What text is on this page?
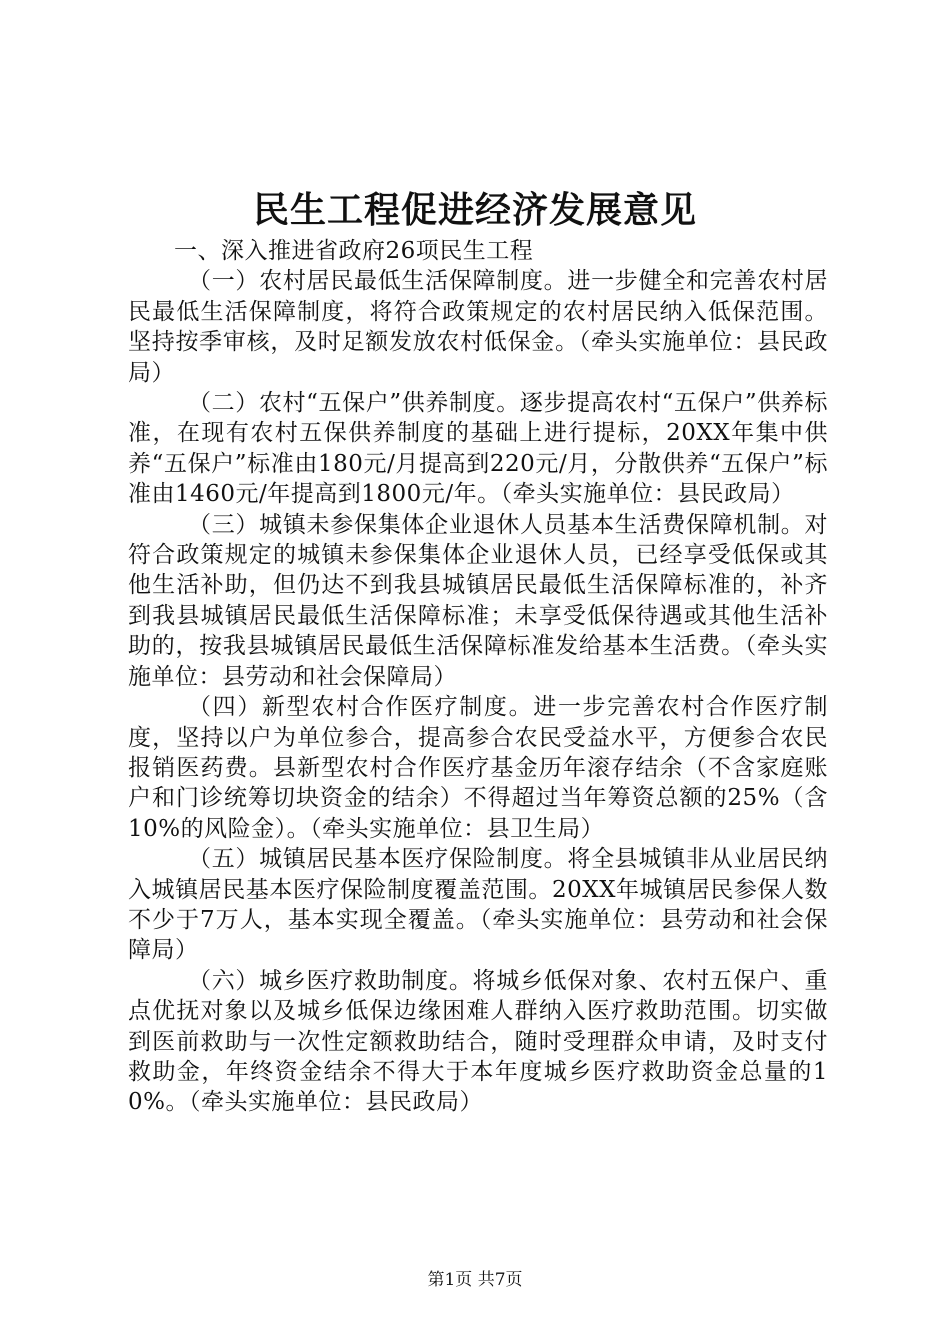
民生工程促进经济发展意见

一、深入推进省政府26项民生工程

（一）农村居民最低生活保障制度。进一步健全和完善农村居民最低生活保障制度，将符合政策规定的农村居民纳入低保范围。坚持按季审核，及时足额发放农村低保金。（牵头实施单位：县民政局）

（二）农村“五保户”供养制度。逐步提高农村“五保户”供养标准，在现有农村五保供养制度的基础上进行提标，20XX年集中供养“五保户”标准由180元/月提高到220元/月，分散供养“五保户”标准由1460元/年提高到1800元/年。（牵头实施单位：县民政局）

（三）城镇未参保集体企业退休人员基本生活费保障机制。对符合政策规定的城镇未参保集体企业退休人员，已经享受低保或其他生活补助，但仍达不到我县城镇居民最低生活保障标准的，补齐到我县城镇居民最低生活保障标准；未享受低保待遇或其他生活补助的，按我县城镇居民最低生活保障标准发给基本生活费。（牵头实施单位：县劳动和社会保障局）

（四）新型农村合作医疗制度。进一步完善农村合作医疗制度，坚持以户为单位参合，提高参合农民受益水平，方便参合农民报销医药费。县新型农村合作医疗基金历年滚存结余（不含家庭账户和门诊统筹切块资金的结余）不得超过当年筹资总额的25%（含10%的风险金）。（牵头实施单位：县卫生局）

（五）城镇居民基本医疗保险制度。将全县城镇非从业居民纳入城镇居民基本医疗保险制度覆盖范围。20XX年城镇居民参保人数不少于7万人，基本实现全覆盖。（牵头实施单位：县劳动和社会保障局）

（六）城乡医疗救助制度。将城乡低保对象、农村五保户、重点优抚对象以及城乡低保边缘困难人群纳入医疗救助范围。切实做到医前救助与一次性定额救助结合，随时受理群众申请，及时支付救助金，年终资金结余不得大于本年度城乡医疗救助资金总量的10%。（牵头实施单位：县民政局）

第1页 共7页
